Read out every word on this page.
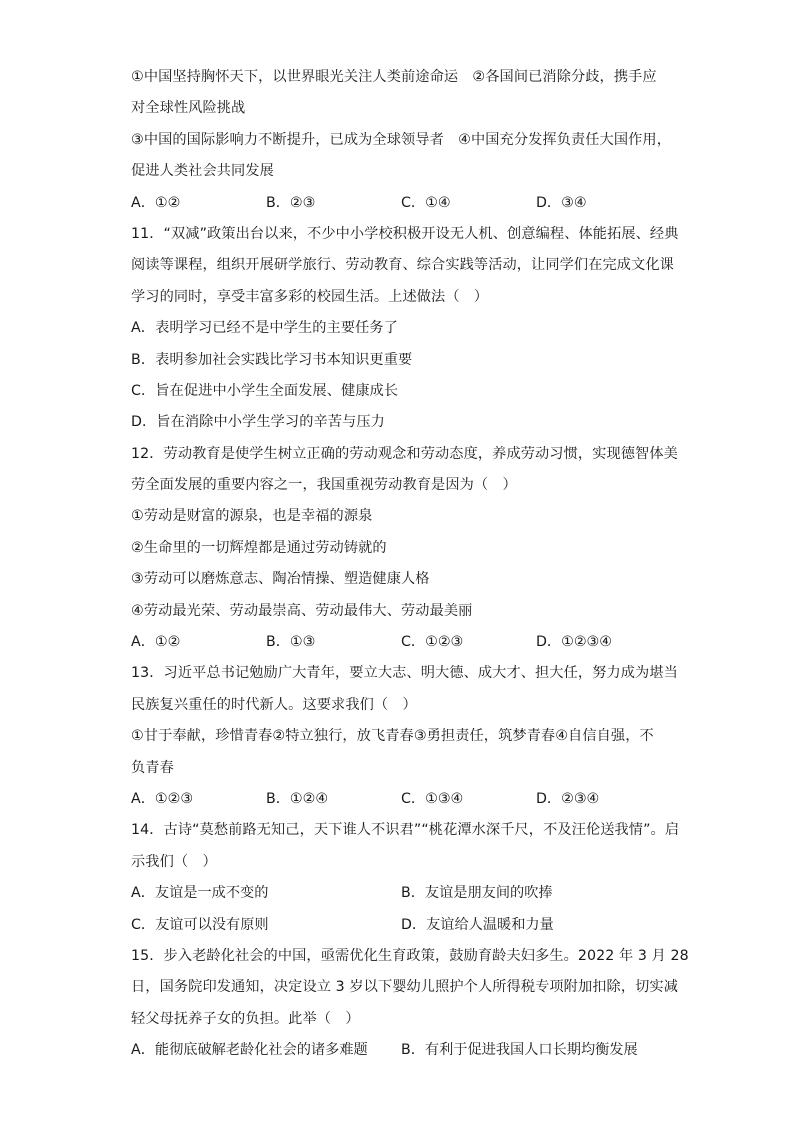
①中国坚持胸怀天下，以世界眼光关注人类前途命运　②各国间已消除分歧，携手应
对全球性风险挑战
③中国的国际影响力不断提升，已成为全球领导者　④中国充分发挥负责任大国作用，
促进人类社会共同发展
A．①②	B．②③	C．①④	D．③④
11．“双减”政策出台以来，不少中小学校积极开设无人机、创意编程、体能拓展、经典
阅读等课程，组织开展研学旅行、劳动教育、综合实践等活动，让同学们在完成文化课
学习的同时，享受丰富多彩的校园生活。上述做法（　）
A．表明学习已经不是中学生的主要任务了
B．表明参加社会实践比学习书本知识更重要
C．旨在促进中小学生全面发展、健康成长
D．旨在消除中小学生学习的辛苦与压力
12．劳动教育是使学生树立正确的劳动观念和劳动态度，养成劳动习惯，实现德智体美
劳全面发展的重要内容之一，我国重视劳动教育是因为（　）
①劳动是财富的源泉，也是幸福的源泉
②生命里的一切辉煌都是通过劳动铸就的
③劳动可以磨炼意志、陶冶情操、塑造健康人格
④劳动最光荣、劳动最崇高、劳动最伟大、劳动最美丽
A．①②	B．①③	C．①②③	D．①②③④
13．习近平总书记勉励广大青年，要立大志、明大德、成大才、担大任，努力成为堪当
民族复兴重任的时代新人。这要求我们（　）
①甘于奉献，珍惜青春②特立独行，放飞青春③勇担责任，筑梦青春④自信自强，不
负青春
A．①②③	B．①②④	C．①③④	D．②③④
14．古诗“莫愁前路无知己，天下谁人不识君”“桃花潭水深千尺，不及汪伦送我情”。启
示我们（　）
A．友谊是一成不变的	B．友谊是朋友间的吹捧
C．友谊可以没有原则	D．友谊给人温暖和力量
15．步入老龄化社会的中国，亟需优化生育政策，鼓励育龄夫妇多生。2022 年 3 月 28
日，国务院印发通知，决定设立 3 岁以下婴幼儿照护个人所得税专项附加扣除，切实减
轻父母抚养子女的负担。此举（　）
A．能彻底破解老龄化社会的诸多难题	B．有利于促进我国人口长期均衡发展
